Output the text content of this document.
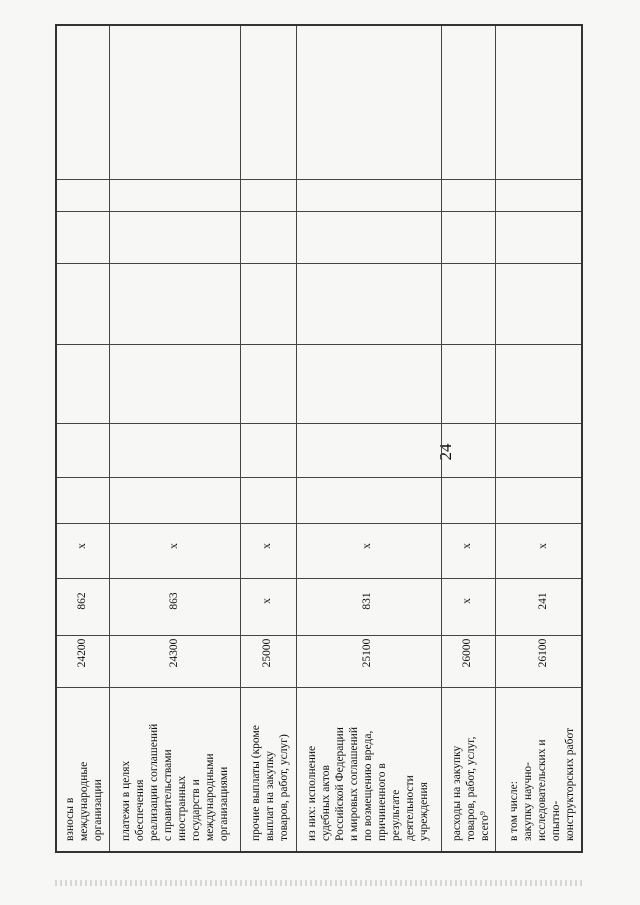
24
взносы в
международные
организации
24200
862
x
платежи в целях
обеспечения
реализации соглашений
с правительствами
иностранных
государств и
международными
организациями
24300
863
x
прочие выплаты (кроме
выплат на закупку
товаров, работ, услуг)
25000
x
x
из них: исполнение
судебных актов
Российской Федерации
и мировых соглашений
по возмещению вреда,
причиненного в
результате
деятельности
учреждения
25100
831
x
расходы на закупку
товаров, работ, услуг,
всего⁹
26000
x
x
в том числе:
закупку научно-
исследовательских и
опытно-
конструкторских работ
26100
241
x
